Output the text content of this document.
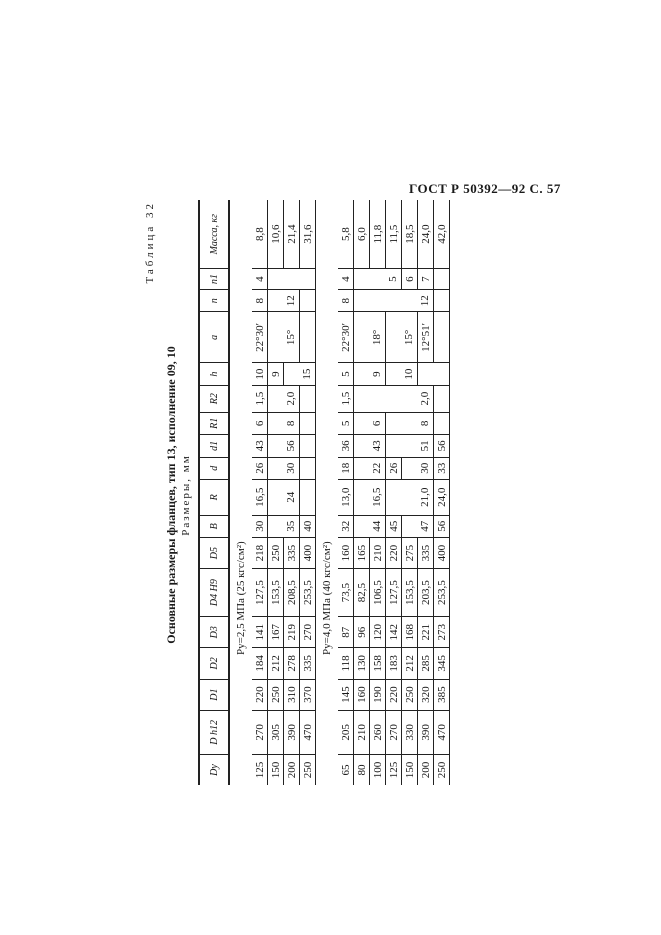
ГОСТ Р 50392—92 С. 57
Таблица 32
Основные размеры фланцев, тип 13, исполнение 09, 10 Размеры, мм
Dy	D h12	D1	D2	D3	D4 H9	D5	B	R	d	d1	R1	R2	h	a	n	n1	Масса, кг
Py=2,5 МПа (25 кгс/см²)																	
125	270	220	184	141	127,5	218	30	16,5	26	43	6	1,5	10	22°30′	8	4	8,8
150	305	250	212	167	153,5	250							9				10,6
200	390	310	278	219	208,5	335	35	24	30	56	8	2,0		15°	12		21,4
250	470	370	335	270	253,5	400	40						15				31,6
Py=4,0 МПа (40 кгс/см²)																	
65	205	145	118	87	73,5	160	32	13,0	18	36	5	1,5	5	22°30′	8	4	5,8
80	210	160	130	96	82,5	165											6,0
100	260	190	158	120	106,5	210	44	16,5	22	43	6		9	18°			11,8
125	270	220	183	142	127,5	220	45		26							5	11,5
150	330	250	212	168	153,5	275							10	15°		6	18,5
200	390	320	285	221	203,5	335	47	21,0	30	51	8	2,0		12°51′	12	7	24,0
250	470	385	345	273	253,5	400	56	24,0	33	56							42,0
